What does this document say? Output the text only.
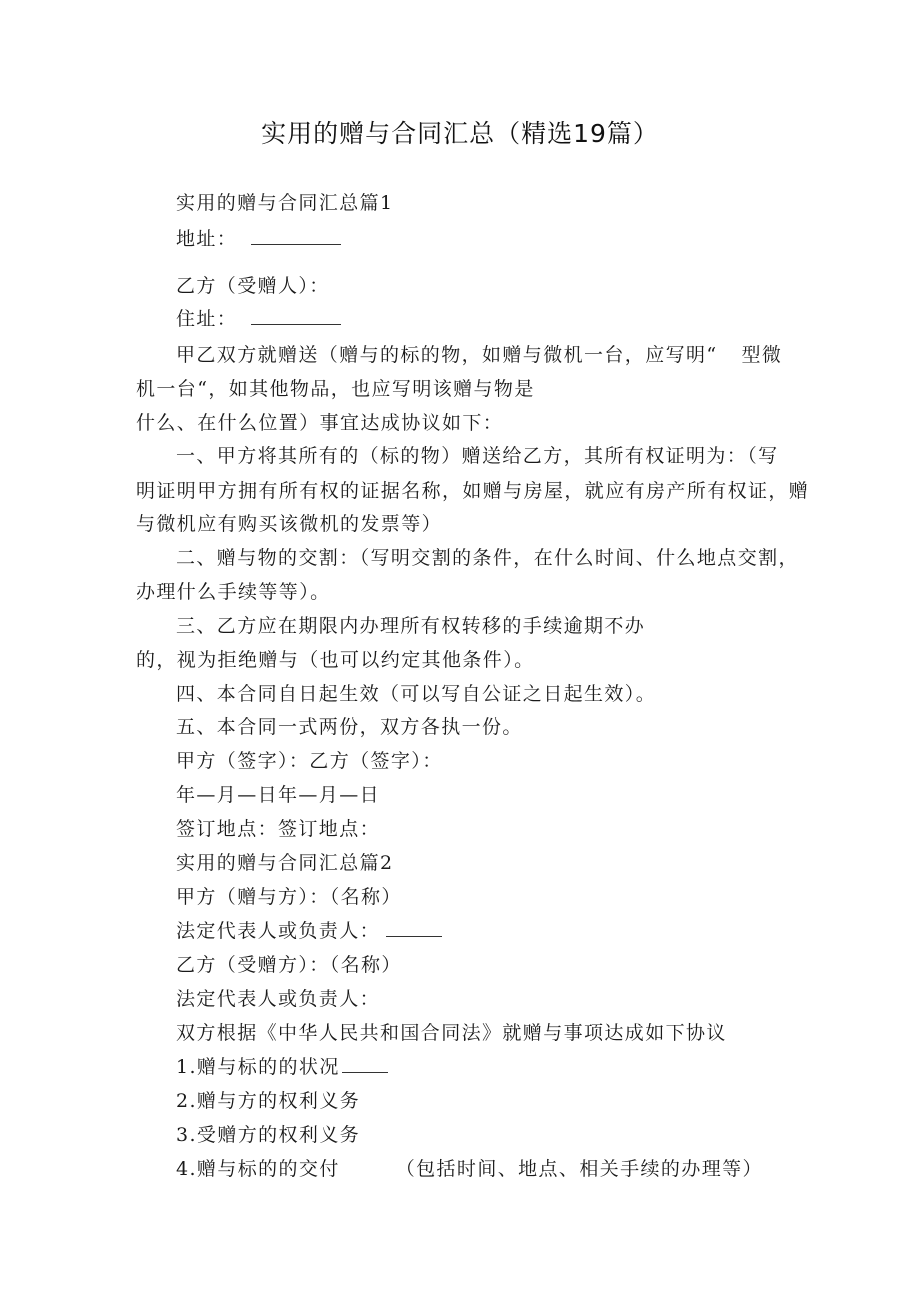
实用的赠与合同汇总（精选19篇）
实用的赠与合同汇总篇1
地址：
乙方（受赠人）：
住址：
甲乙双方就赠送（赠与的标的物，如赠与微机一台，应写明“ 型微
机一台“，如其他物品，也应写明该赠与物是
什么、在什么位置）事宜达成协议如下：
一、甲方将其所有的（标的物）赠送给乙方，其所有权证明为：（写
明证明甲方拥有所有权的证据名称，如赠与房屋，就应有房产所有权证，赠
与微机应有购买该微机的发票等）
二、赠与物的交割：（写明交割的条件，在什么时间、什么地点交割，
办理什么手续等等）。
三、乙方应在期限内办理所有权转移的手续逾期不办
的，视为拒绝赠与（也可以约定其他条件）。
四、本合同自日起生效（可以写自公证之日起生效）。
五、本合同一式两份，双方各执一份。
甲方（签字）：乙方（签字）：
年—月—日年—月—日
签订地点：签订地点：
实用的赠与合同汇总篇2
甲方（赠与方）：（名称）
法定代表人或负责人：
乙方（受赠方）：（名称）
法定代表人或负责人：
双方根据《中华人民共和国合同法》就赠与事项达成如下协议
1.赠与标的的状况
2.赠与方的权利义务
3.受赠方的权利义务
4.赠与标的的交付	（包括时间、地点、相关手续的办理等）
